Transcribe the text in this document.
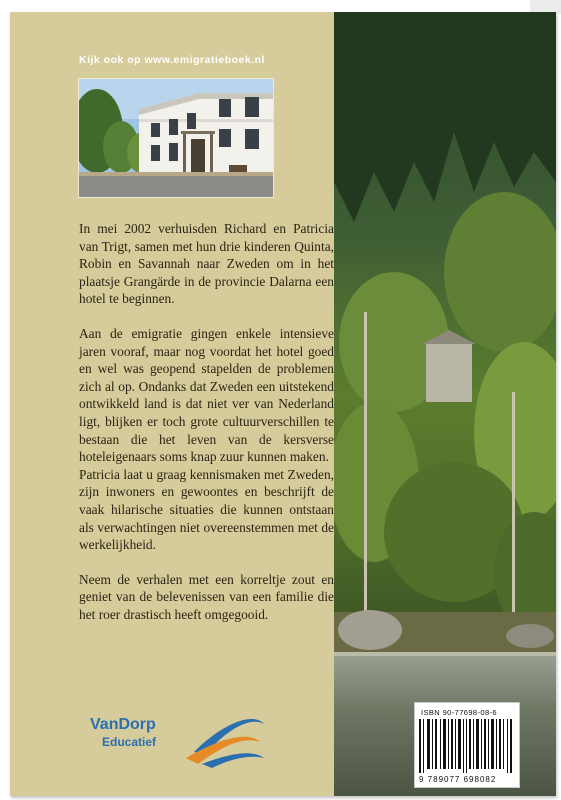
Kijk ook op www.emigratieboek.nl

In mei 2002 verhuisden Richard en Patricia van Trigt, samen met hun drie kinderen Quinta, Robin en Savannah naar Zweden om in het plaatsje Grangärde in de provincie Dalarna een hotel te beginnen.

Aan de emigratie gingen enkele intensieve jaren vooraf, maar nog voordat het hotel goed en wel was geopend stapelden de problemen zich al op. Ondanks dat Zweden een uitstekend ontwikkeld land is dat niet ver van Nederland ligt, blijken er toch grote cultuurverschillen te bestaan die het leven van de kersverse hoteleigenaars soms knap zuur kunnen maken.

Patricia laat u graag kennismaken met Zweden, zijn inwoners en gewoontes en beschrijft de vaak hilarische situaties die kunnen ontstaan als verwachtingen niet overeenstemmen met de werkelijkheid.

Neem de verhalen met een korreltje zout en geniet van de belevenissen van een familie die het roer drastisch heeft omgegooid.

VanDorp
Educatief
ISBN 90-77698-08-6
9 789077 698082
